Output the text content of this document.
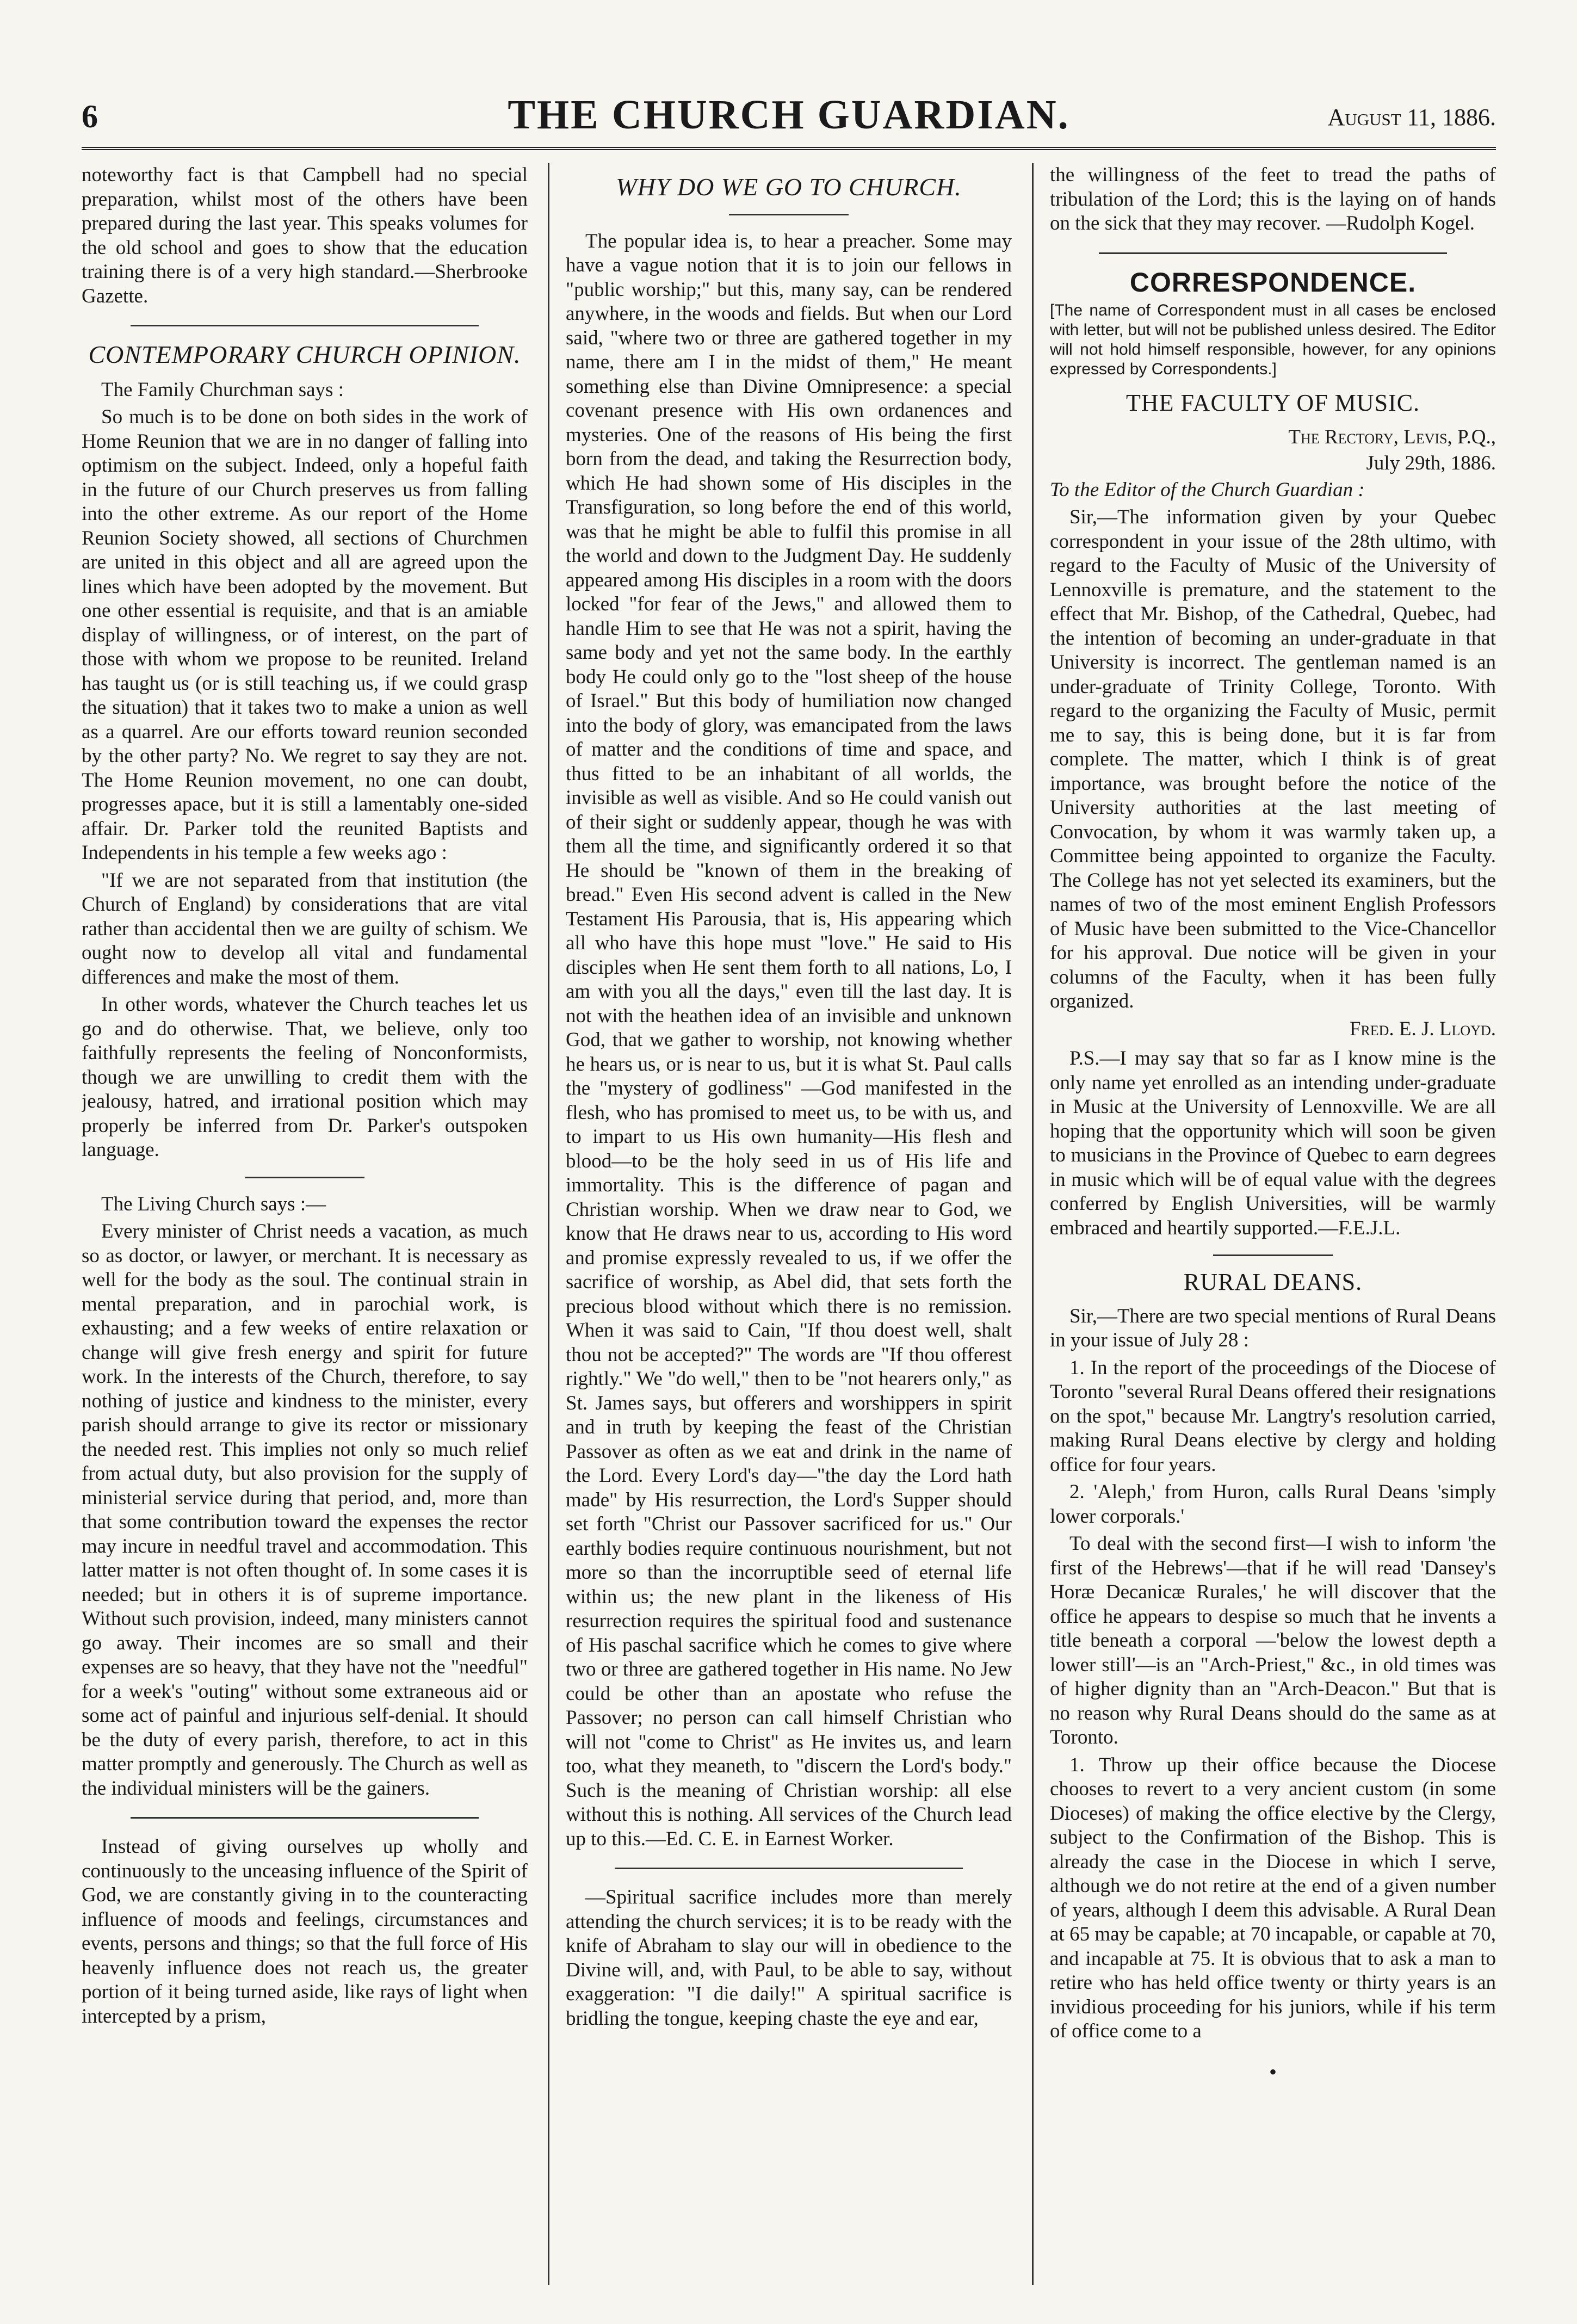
6	THE CHURCH GUARDIAN.	August 11, 1886.

noteworthy fact is that Campbell had no special preparation, whilst most of the others have been prepared during the last year. This speaks volumes for the old school and goes to show that the education training there is of a very high standard.—Sherbrooke Gazette.

CONTEMPORARY CHURCH OPINION.

The Family Churchman says :

So much is to be done on both sides in the work of Home Reunion that we are in no danger of falling into optimism on the subject. Indeed, only a hopeful faith in the future of our Church preserves us from falling into the other extreme. As our report of the Home Reunion Society showed, all sections of Churchmen are united in this object and all are agreed upon the lines which have been adopted by the movement. But one other essential is requisite, and that is an amiable display of willingness, or of interest, on the part of those with whom we propose to be reunited. Ireland has taught us (or is still teaching us, if we could grasp the situation) that it takes two to make a union as well as a quarrel. Are our efforts toward reunion seconded by the other party? No. We regret to say they are not. The Home Reunion movement, no one can doubt, progresses apace, but it is still a lamentably one-sided affair. Dr. Parker told the reunited Baptists and Independents in his temple a few weeks ago :

"If we are not separated from that institution (the Church of England) by considerations that are vital rather than accidental then we are guilty of schism. We ought now to develop all vital and fundamental differences and make the most of them.

In other words, whatever the Church teaches let us go and do otherwise. That, we believe, only too faithfully represents the feeling of Nonconformists, though we are unwilling to credit them with the jealousy, hatred, and irrational position which may properly be inferred from Dr. Parker's outspoken language.

The Living Church says :—

Every minister of Christ needs a vacation, as much so as doctor, or lawyer, or merchant. It is necessary as well for the body as the soul. The continual strain in mental preparation, and in parochial work, is exhausting; and a few weeks of entire relaxation or change will give fresh energy and spirit for future work. In the interests of the Church, therefore, to say nothing of justice and kindness to the minister, every parish should arrange to give its rector or missionary the needed rest. This implies not only so much relief from actual duty, but also provision for the supply of ministerial service during that period, and, more than that some contribution toward the expenses the rector may incure in needful travel and accommodation. This latter matter is not often thought of. In some cases it is needed; but in others it is of supreme importance. Without such provision, indeed, many ministers cannot go away. Their incomes are so small and their expenses are so heavy, that they have not the "needful" for a week's "outing" without some extraneous aid or some act of painful and injurious self-denial. It should be the duty of every parish, therefore, to act in this matter promptly and generously. The Church as well as the individual ministers will be the gainers.

Instead of giving ourselves up wholly and continuously to the unceasing influence of the Spirit of God, we are constantly giving in to the counteracting influence of moods and feelings, circumstances and events, persons and things; so that the full force of His heavenly influence does not reach us, the greater portion of it being turned aside, like rays of light when intercepted by a prism,

WHY DO WE GO TO CHURCH.

The popular idea is, to hear a preacher. Some may have a vague notion that it is to join our fellows in "public worship;" but this, many say, can be rendered anywhere, in the woods and fields. But when our Lord said, "where two or three are gathered together in my name, there am I in the midst of them," He meant something else than Divine Omnipresence: a special covenant presence with His own ordanences and mysteries. One of the reasons of His being the first born from the dead, and taking the Resurrection body, which He had shown some of His disciples in the Transfiguration, so long before the end of this world, was that he might be able to fulfil this promise in all the world and down to the Judgment Day. He suddenly appeared among His disciples in a room with the doors locked "for fear of the Jews," and allowed them to handle Him to see that He was not a spirit, having the same body and yet not the same body. In the earthly body He could only go to the "lost sheep of the house of Israel." But this body of humiliation now changed into the body of glory, was emancipated from the laws of matter and the conditions of time and space, and thus fitted to be an inhabitant of all worlds, the invisible as well as visible. And so He could vanish out of their sight or suddenly appear, though he was with them all the time, and significantly ordered it so that He should be "known of them in the breaking of bread." Even His second advent is called in the New Testament His Parousia, that is, His appearing which all who have this hope must "love." He said to His disciples when He sent them forth to all nations, Lo, I am with you all the days," even till the last day. It is not with the heathen idea of an invisible and unknown God, that we gather to worship, not knowing whether he hears us, or is near to us, but it is what St. Paul calls the "mystery of godliness" —God manifested in the flesh, who has promised to meet us, to be with us, and to impart to us His own humanity—His flesh and blood—to be the holy seed in us of His life and immortality. This is the difference of pagan and Christian worship. When we draw near to God, we know that He draws near to us, according to His word and promise expressly revealed to us, if we offer the sacrifice of worship, as Abel did, that sets forth the precious blood without which there is no remission. When it was said to Cain, "If thou doest well, shalt thou not be accepted?" The words are "If thou offerest rightly." We "do well," then to be "not hearers only," as St. James says, but offerers and worshippers in spirit and in truth by keeping the feast of the Christian Passover as often as we eat and drink in the name of the Lord. Every Lord's day—"the day the Lord hath made" by His resurrection, the Lord's Supper should set forth "Christ our Passover sacrificed for us." Our earthly bodies require continuous nourishment, but not more so than the incorruptible seed of eternal life within us; the new plant in the likeness of His resurrection requires the spiritual food and sustenance of His paschal sacrifice which he comes to give where two or three are gathered together in His name. No Jew could be other than an apostate who refuse the Passover; no person can call himself Christian who will not "come to Christ" as He invites us, and learn too, what they meaneth, to "discern the Lord's body." Such is the meaning of Christian worship: all else without this is nothing. All services of the Church lead up to this.—Ed. C. E. in Earnest Worker.

—Spiritual sacrifice includes more than merely attending the church services; it is to be ready with the knife of Abraham to slay our will in obedience to the Divine will, and, with Paul, to be able to say, without exaggeration: "I die daily!" A spiritual sacrifice is bridling the tongue, keeping chaste the eye and ear,

the willingness of the feet to tread the paths of tribulation of the Lord; this is the laying on of hands on the sick that they may recover. —Rudolph Kogel.

CORRESPONDENCE.

[The name of Correspondent must in all cases be enclosed with letter, but will not be published unless desired. The Editor will not hold himself responsible, however, for any opinions expressed by Correspondents.]

THE FACULTY OF MUSIC.
The Rectory, Levis, P.Q.,
July 29th, 1886.

To the Editor of the Church Guardian :

Sir,—The information given by your Quebec correspondent in your issue of the 28th ultimo, with regard to the Faculty of Music of the University of Lennoxville is premature, and the statement to the effect that Mr. Bishop, of the Cathedral, Quebec, had the intention of becoming an under-graduate in that University is incorrect. The gentleman named is an under-graduate of Trinity College, Toronto. With regard to the organizing the Faculty of Music, permit me to say, this is being done, but it is far from complete. The matter, which I think is of great importance, was brought before the notice of the University authorities at the last meeting of Convocation, by whom it was warmly taken up, a Committee being appointed to organize the Faculty. The College has not yet selected its examiners, but the names of two of the most eminent English Professors of Music have been submitted to the Vice-Chancellor for his approval. Due notice will be given in your columns of the Faculty, when it has been fully organized.

Fred. E. J. Lloyd.

P.S.—I may say that so far as I know mine is the only name yet enrolled as an intending under-graduate in Music at the University of Lennoxville. We are all hoping that the opportunity which will soon be given to musicians in the Province of Quebec to earn degrees in music which will be of equal value with the degrees conferred by English Universities, will be warmly embraced and heartily supported.—F.E.J.L.

RURAL DEANS.

Sir,—There are two special mentions of Rural Deans in your issue of July 28 :

1. In the report of the proceedings of the Diocese of Toronto "several Rural Deans offered their resignations on the spot," because Mr. Langtry's resolution carried, making Rural Deans elective by clergy and holding office for four years.

2. 'Aleph,' from Huron, calls Rural Deans 'simply lower corporals.'

To deal with the second first—I wish to inform 'the first of the Hebrews'—that if he will read 'Dansey's Horæ Decanicæ Rurales,' he will discover that the office he appears to despise so much that he invents a title beneath a corporal —'below the lowest depth a lower still'—is an "Arch-Priest," &c., in old times was of higher dignity than an "Arch-Deacon." But that is no reason why Rural Deans should do the same as at Toronto.

1. Throw up their office because the Diocese chooses to revert to a very ancient custom (in some Dioceses) of making the office elective by the Clergy, subject to the Confirmation of the Bishop. This is already the case in the Diocese in which I serve, although we do not retire at the end of a given number of years, although I deem this advisable. A Rural Dean at 65 may be capable; at 70 incapable, or capable at 70, and incapable at 75. It is obvious that to ask a man to retire who has held office twenty or thirty years is an invidious proceeding for his juniors, while if his term of office come to a

•
